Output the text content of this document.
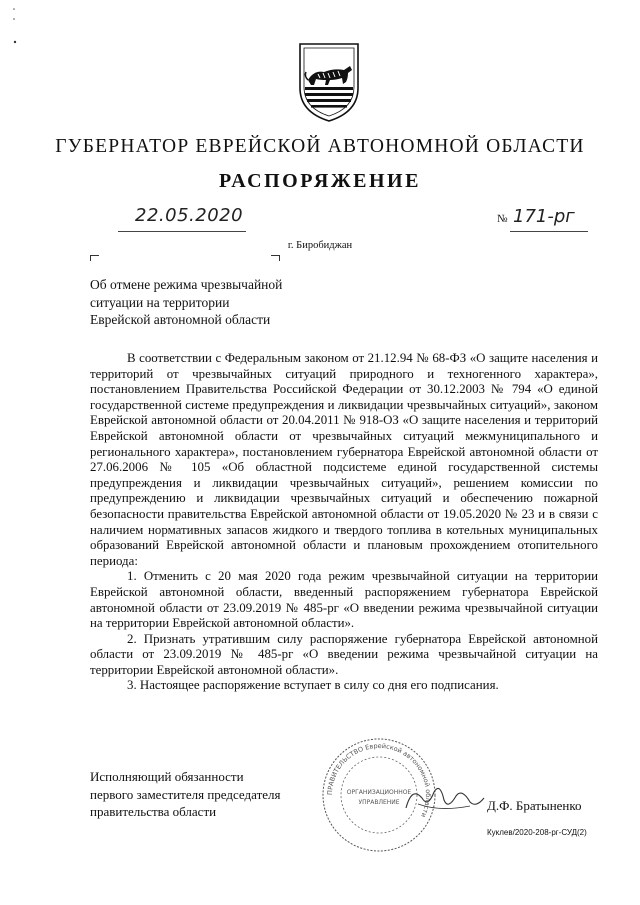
ГУБЕРНАТОР ЕВРЕЙСКОЙ АВТОНОМНОЙ ОБЛАСТИ
РАСПОРЯЖЕНИЕ
22.05.2020	№ 171-рг
г. Биробиджан
Об отмене режима чрезвычайной
ситуации на территории
Еврейской автономной области

В соответствии с Федеральным законом от 21.12.94 № 68-ФЗ «О защите населения и территорий от чрезвычайных ситуаций природного и техногенного характера», постановлением Правительства Российской Федерации от 30.12.2003 № 794 «О единой государственной системе предупреждения и ликвидации чрезвычайных ситуаций», законом Еврейской автономной области от 20.04.2011 № 918-ОЗ «О защите населения и территорий Еврейской автономной области от чрезвычайных ситуаций межмуниципального и регионального характера», постановлением губернатора Еврейской автономной области от 27.06.2006 № 105 «Об областной подсистеме единой государственной системы предупреждения и ликвидации чрезвычайных ситуаций», решением комиссии по предупреждению и ликвидации чрезвычайных ситуаций и обеспечению пожарной безопасности правительства Еврейской автономной области от 19.05.2020 № 23 и в связи с наличием нормативных запасов жидкого и твердого топлива в котельных муниципальных образований Еврейской автономной области и плановым прохождением отопительного периода:

1. Отменить с 20 мая 2020 года режим чрезвычайной ситуации на территории Еврейской автономной области, введенный распоряжением губернатора Еврейской автономной области от 23.09.2019 № 485-рг «О введении режима чрезвычайной ситуации на территории Еврейской автономной области».

2. Признать утратившим силу распоряжение губернатора Еврейской автономной области от 23.09.2019 № 485-рг «О введении режима чрезвычайной ситуации на территории Еврейской автономной области».

3. Настоящее распоряжение вступает в силу со дня его подписания.

Исполняющий обязанности
первого заместителя председателя
правительства области
ПРАВИТЕЛЬСТВО Еврейской автономной области
ОРГАНИЗАЦИОННОЕ
УПРАВЛЕНИЕ	Д.Ф. Братыненко
Куклев/2020-208-рг-СУД(2)
